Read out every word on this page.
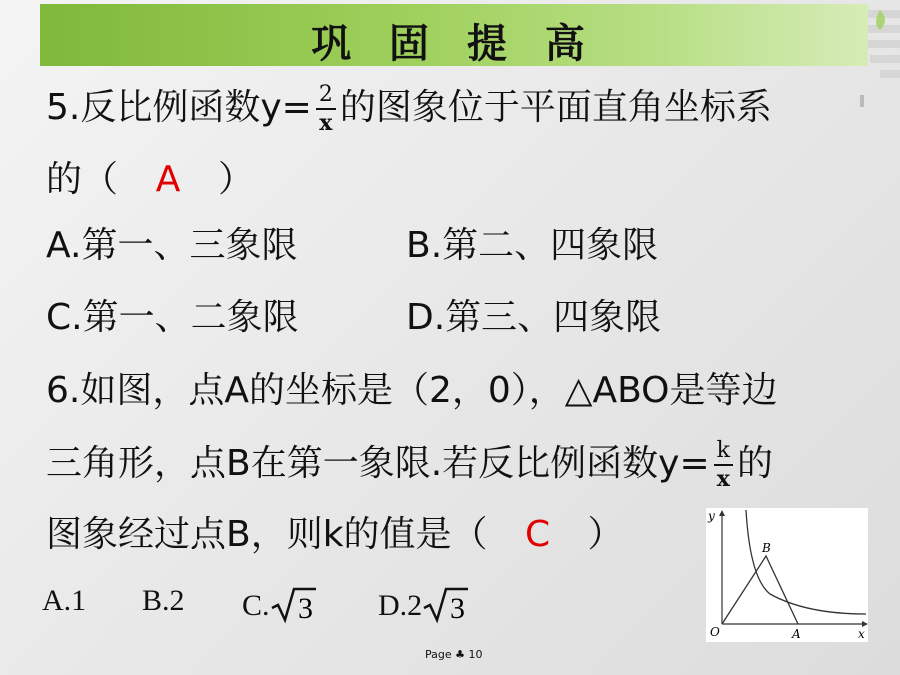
巩 固 提 高
5.反比例函数$y= \frac{2}{x}$ 的图象位于平面直角坐标系
的（ A ）
A.第一、三象限	B.第二、四象限
C.第一、二象限	D.第三、四象限
6.如图，点A的坐标是（2，0），△ABO是等边
三角形，点B在第一象限.若反比例函数$y= \frac{k}{x}$ 的
图象经过点B，则k的值是（ C ）
A.1 B.2 C. 3 D.2 3
y
x
O	A
B
Page ♣ 10
